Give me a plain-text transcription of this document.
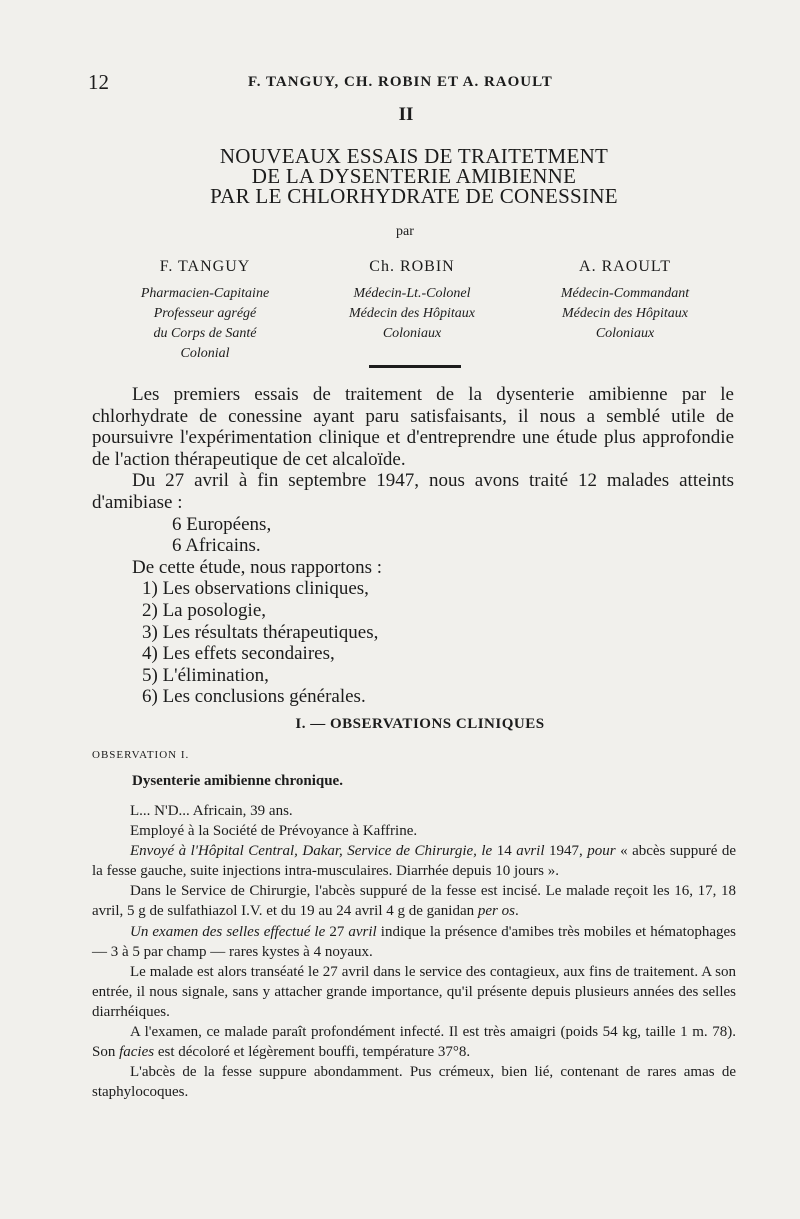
12	F. TANGUY, CH. ROBIN ET A. RAOULT
II
NOUVEAUX ESSAIS DE TRAITETMENT
DE LA DYSENTERIE AMIBIENNE
PAR LE CHLORHYDRATE DE CONESSINE
par
F. TANGUY
Pharmacien-Capitaine
Professeur agrégé
du Corps de Santé
Colonial
Ch. ROBIN
Médecin-Lt.-Colonel
Médecin des Hôpitaux
Coloniaux
A. RAOULT
Médecin-Commandant
Médecin des Hôpitaux
Coloniaux

Les premiers essais de traitement de la dysenterie amibienne par le chlorhydrate de conessine ayant paru satisfaisants, il nous a semblé utile de poursuivre l'expérimentation clinique et d'entreprendre une étude plus approfondie de l'action thérapeutique de cet alcaloïde.

Du 27 avril à fin septembre 1947, nous avons traité 12 malades atteints d'amibiase :

6 Européens,
6 Africains.

De cette étude, nous rapportons :

1) Les observations cliniques,
2) La posologie,
3) Les résultats thérapeutiques,
4) Les effets secondaires,
5) L'élimination,
6) Les conclusions générales.
I. — OBSERVATIONS CLINIQUES
OBSERVATION I.
Dysenterie amibienne chronique.
L... N'D... Africain, 39 ans.
Employé à la Société de Prévoyance à Kaffrine.

Envoyé à l'Hôpital Central, Dakar, Service de Chirurgie, le 14 avril 1947, pour « abcès suppuré de la fesse gauche, suite injections intra-musculaires. Diarrhée depuis 10 jours ».

Dans le Service de Chirurgie, l'abcès suppuré de la fesse est incisé. Le malade reçoit les 16, 17, 18 avril, 5 g de sulfathiazol I.V. et du 19 au 24 avril 4 g de ganidan per os.

Un examen des selles effectué le 27 avril indique la présence d'amibes très mobiles et hématophages — 3 à 5 par champ — rares kystes à 4 noyaux.

Le malade est alors transéaté le 27 avril dans le service des contagieux, aux fins de traitement. A son entrée, il nous signale, sans y attacher grande importance, qu'il présente depuis plusieurs années des selles diarrhéiques.

A l'examen, ce malade paraît profondément infecté. Il est très amaigri (poids 54 kg, taille 1 m. 78). Son facies est décoloré et légèrement bouffi, température 37°8.

L'abcès de la fesse suppure abondamment. Pus crémeux, bien lié, contenant de rares amas de staphylocoques.
